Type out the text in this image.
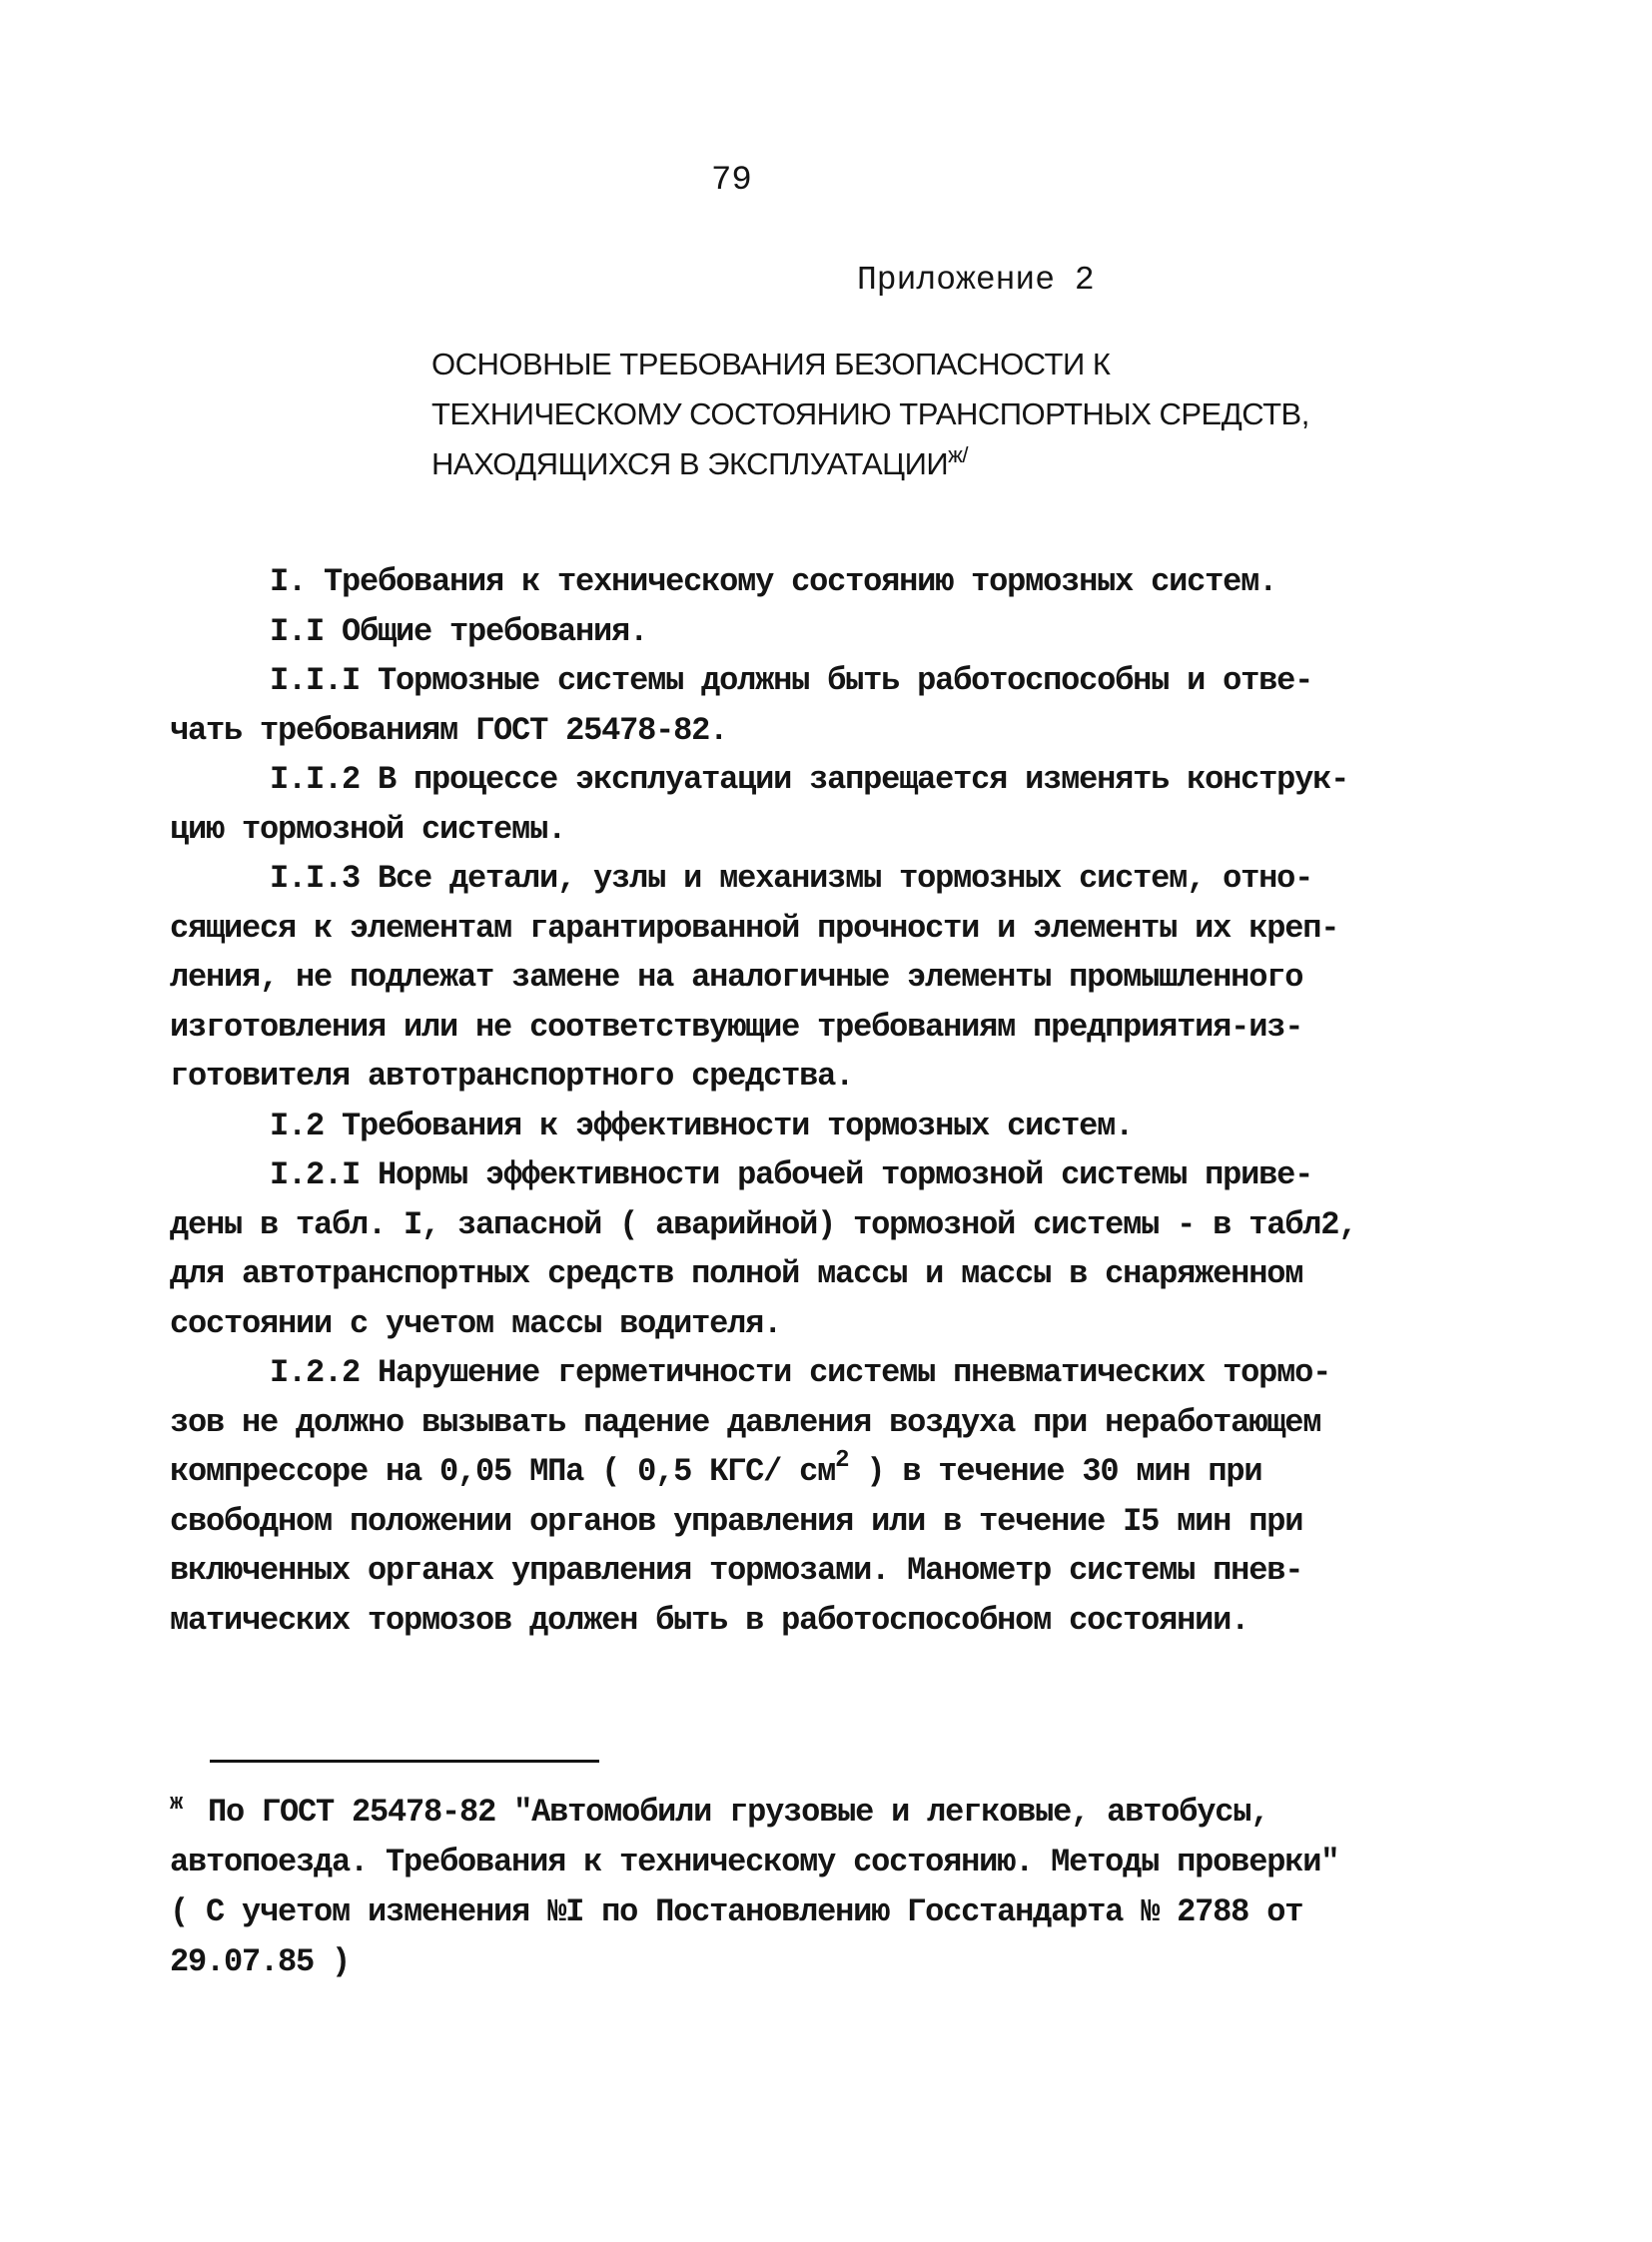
79
Приложение 2
ОСНОВНЫЕ ТРЕБОВАНИЯ БЕЗОПАСНОСТИ К
ТЕХНИЧЕСКОМУ СОСТОЯНИЮ ТРАНСПОРТНЫХ СРЕДСТВ,
НАХОДЯЩИХСЯ В $ЭКСПЛУАТАЦИИ^{ж/}$
I. Требования к техническому состоянию тормозных систем.
I.I Общие требования.
I.I.I Тормозные системы должны быть работоспособны и отве-
чать требованиям ГОСТ 25478-82.
I.I.2 В процессе эксплуатации запрещается изменять конструк-
цию тормозной системы.
I.I.3 Все детали, узлы и механизмы тормозных систем, отно-
сящиеся к элементам гарантированной прочности и элементы их креп-
ления, не подлежат замене на аналогичные элементы промышленного
изготовления или не соответствующие требованиям предприятия-из-
готовителя автотранспортного средства.
I.2 Требования к эффективности тормозных систем.
I.2.I Нормы эффективности рабочей тормозной системы приве-
дены в табл. I, запасной ( аварийной) тормозной системы - в табл2,
для автотранспортных средств полной массы и массы в снаряженном
состоянии с учетом массы водителя.
I.2.2 Нарушение герметичности системы пневматических тормо-
зов не должно вызывать падение давления воздуха при неработающем
компрессоре на 0,05 МПа ( 0,5 КГС/ $см^2$ ) в течение 30 мин при
свободном положении органов управления или в течение I5 мин при
включенных органах управления тормозами. Манометр системы пнев-
матических тормозов должен быть в работоспособном состоянии.
$^ж$ По ГОСТ 25478-82 "Автомобили грузовые и легковые, автобусы,
автопоезда. Требования к техническому состоянию. Методы проверки"
( С учетом изменения №I по Постановлению Госстандарта № 2788 от
29.07.85 )
